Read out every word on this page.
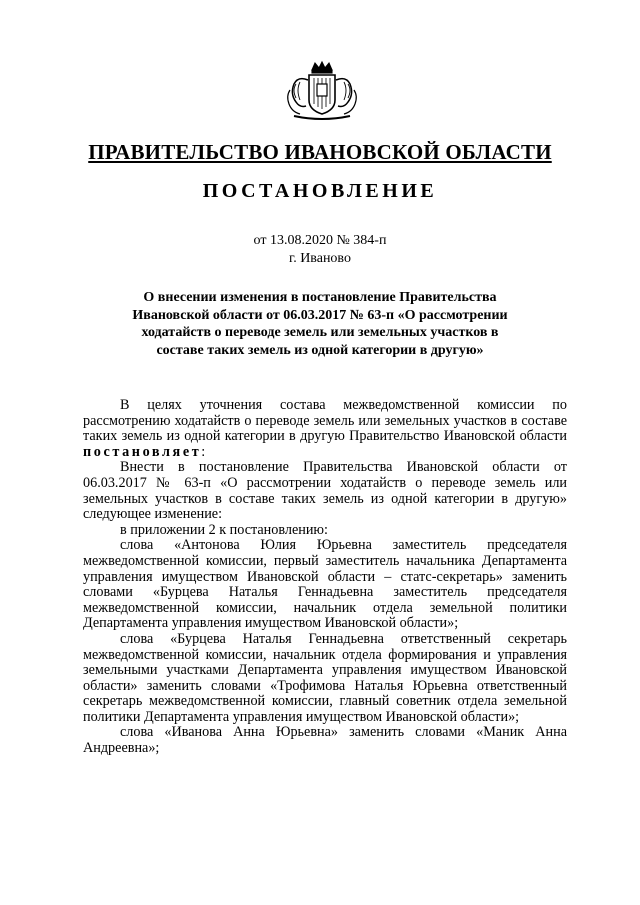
ПРАВИТЕЛЬСТВО ИВАНОВСКОЙ ОБЛАСТИ
ПОСТАНОВЛЕНИЕ
от 13.08.2020 № 384-п
г. Иваново
О внесении изменения в постановление Правительства Ивановской области от 06.03.2017 № 63-п «О рассмотрении ходатайств о переводе земель или земельных участков в составе таких земель из одной категории в другую»

В целях уточнения состава межведомственной комиссии по рассмотрению ходатайств о переводе земель или земельных участков в составе таких земель из одной категории в другую Правительство Ивановской области постановляет:

Внести в постановление Правительства Ивановской области от 06.03.2017 № 63-п «О рассмотрении ходатайств о переводе земель или земельных участков в составе таких земель из одной категории в другую» следующее изменение:

в приложении 2 к постановлению:

слова «Антонова Юлия Юрьевна заместитель председателя межведомственной комиссии, первый заместитель начальника Департамента управления имуществом Ивановской области – статс-секретарь» заменить словами «Бурцева Наталья Геннадьевна заместитель председателя межведомственной комиссии, начальник отдела земельной политики Департамента управления имуществом Ивановской области»;

слова «Бурцева Наталья Геннадьевна ответственный секретарь межведомственной комиссии, начальник отдела формирования и управления земельными участками Департамента управления имуществом Ивановской области» заменить словами «Трофимова Наталья Юрьевна ответственный секретарь межведомственной комиссии, главный советник отдела земельной политики Департамента управления имуществом Ивановской области»;

слова «Иванова Анна Юрьевна» заменить словами «Маник Анна Андреевна»;
